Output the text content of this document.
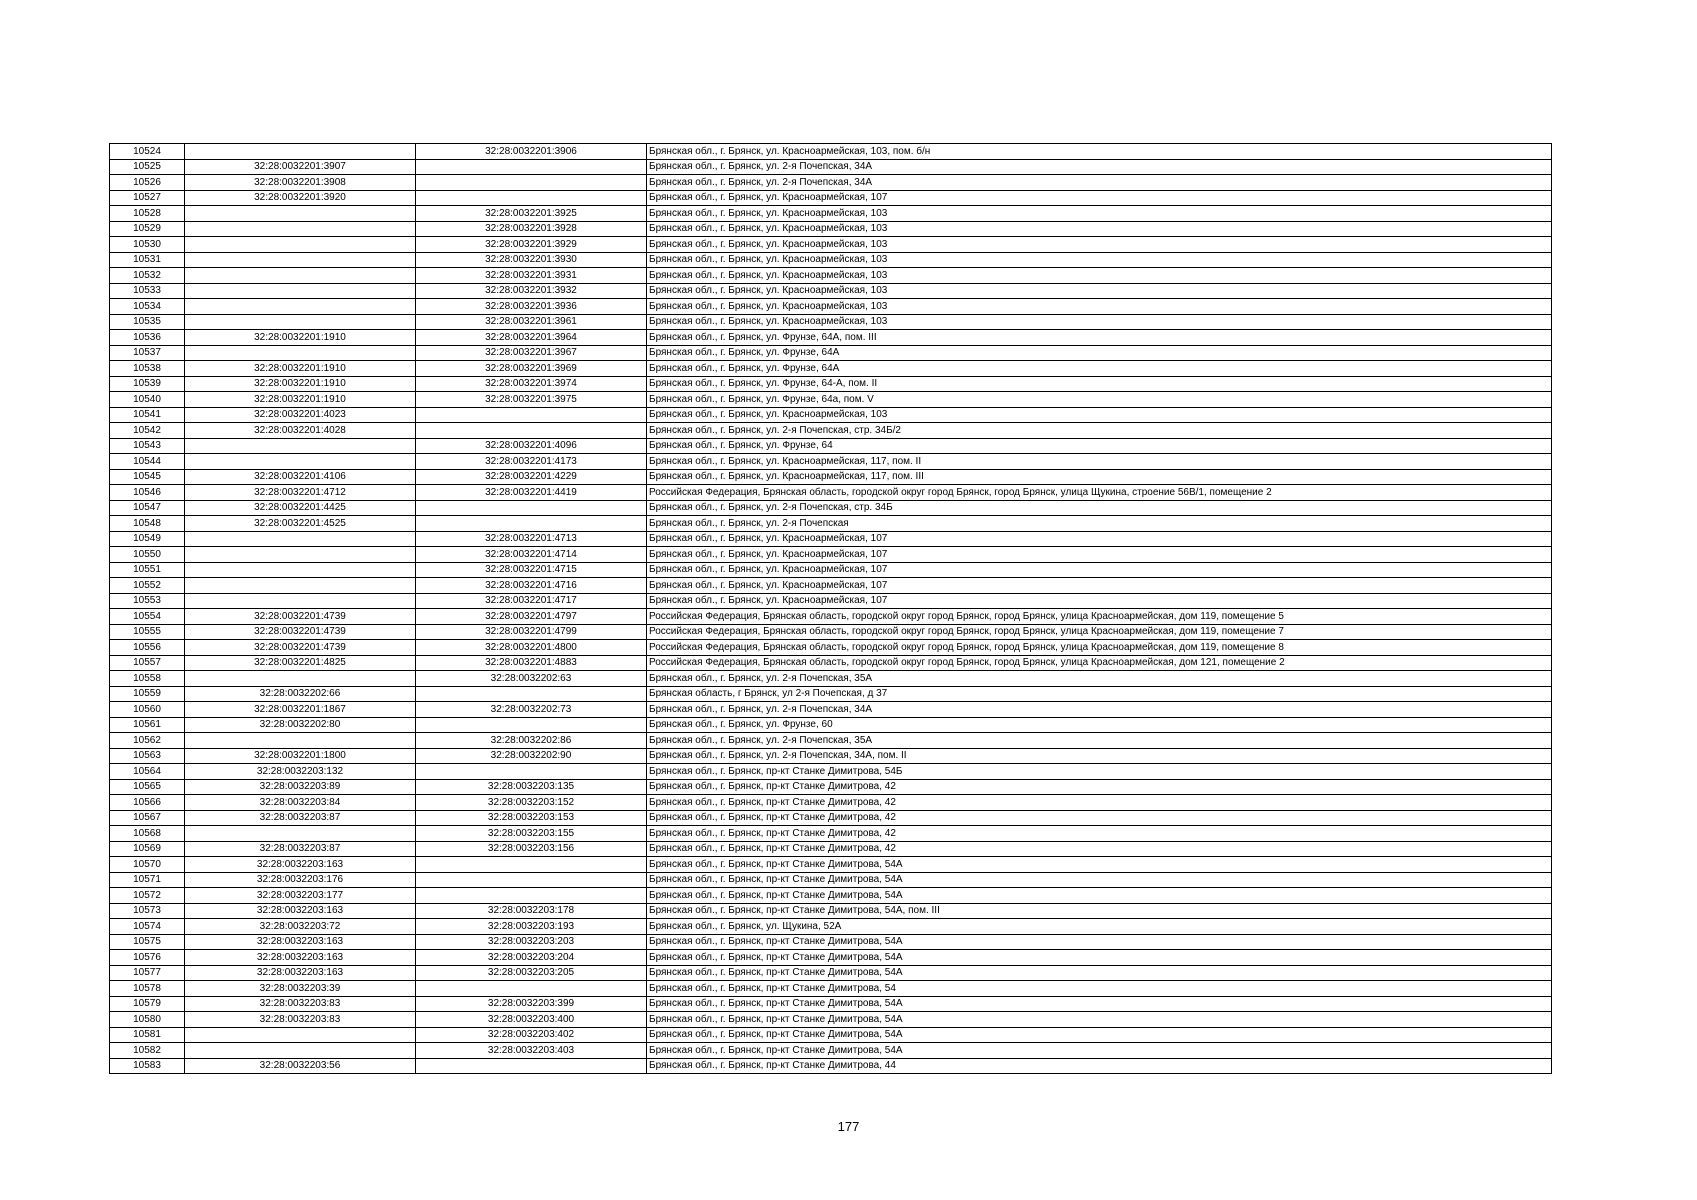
10524		32:28:0032201:3906	Брянская обл., г. Брянск, ул. Красноармейская, 103, пом. б/н
10525	32:28:0032201:3907		Брянская обл., г. Брянск, ул. 2-я Почепская, 34А
10526	32:28:0032201:3908		Брянская обл., г. Брянск, ул. 2-я Почепская, 34А
10527	32:28:0032201:3920		Брянская обл., г. Брянск, ул. Красноармейская, 107
10528		32:28:0032201:3925	Брянская обл., г. Брянск, ул. Красноармейская, 103
10529		32:28:0032201:3928	Брянская обл., г. Брянск, ул. Красноармейская, 103
10530		32:28:0032201:3929	Брянская обл., г. Брянск, ул. Красноармейская, 103
10531		32:28:0032201:3930	Брянская обл., г. Брянск, ул. Красноармейская, 103
10532		32:28:0032201:3931	Брянская обл., г. Брянск, ул. Красноармейская, 103
10533		32:28:0032201:3932	Брянская обл., г. Брянск, ул. Красноармейская, 103
10534		32:28:0032201:3936	Брянская обл., г. Брянск, ул. Красноармейская, 103
10535		32:28:0032201:3961	Брянская обл., г. Брянск, ул. Красноармейская, 103
10536	32:28:0032201:1910	32:28:0032201:3964	Брянская обл., г. Брянск, ул. Фрунзе, 64А, пом. III
10537		32:28:0032201:3967	Брянская обл., г. Брянск, ул. Фрунзе, 64А
10538	32:28:0032201:1910	32:28:0032201:3969	Брянская обл., г. Брянск, ул. Фрунзе, 64А
10539	32:28:0032201:1910	32:28:0032201:3974	Брянская обл., г. Брянск, ул. Фрунзе, 64-А, пом. II
10540	32:28:0032201:1910	32:28:0032201:3975	Брянская обл., г. Брянск, ул. Фрунзе, 64а, пом. V
10541	32:28:0032201:4023		Брянская обл., г. Брянск, ул. Красноармейская, 103
10542	32:28:0032201:4028		Брянская обл., г. Брянск, ул. 2-я Почепская, стр. 34Б/2
10543		32:28:0032201:4096	Брянская обл., г. Брянск, ул. Фрунзе, 64
10544		32:28:0032201:4173	Брянская обл., г. Брянск, ул. Красноармейская, 117, пом. II
10545	32:28:0032201:4106	32:28:0032201:4229	Брянская обл., г. Брянск, ул. Красноармейская, 117, пом. III
10546	32:28:0032201:4712	32:28:0032201:4419	Российская Федерация, Брянская область, городской округ город Брянск, город Брянск, улица Щукина, строение 56В/1, помещение 2
10547	32:28:0032201:4425		Брянская обл., г. Брянск, ул. 2-я Почепская, стр. 34Б
10548	32:28:0032201:4525		Брянская обл., г. Брянск, ул. 2-я Почепская
10549		32:28:0032201:4713	Брянская обл., г. Брянск, ул. Красноармейская, 107
10550		32:28:0032201:4714	Брянская обл., г. Брянск, ул. Красноармейская, 107
10551		32:28:0032201:4715	Брянская обл., г. Брянск, ул. Красноармейская, 107
10552		32:28:0032201:4716	Брянская обл., г. Брянск, ул. Красноармейская, 107
10553		32:28:0032201:4717	Брянская обл., г. Брянск, ул. Красноармейская, 107
10554	32:28:0032201:4739	32:28:0032201:4797	Российская Федерация, Брянская область, городской округ город Брянск, город Брянск, улица Красноармейская, дом 119, помещение 5
10555	32:28:0032201:4739	32:28:0032201:4799	Российская Федерация, Брянская область, городской округ город Брянск, город Брянск, улица Красноармейская, дом 119, помещение 7
10556	32:28:0032201:4739	32:28:0032201:4800	Российская Федерация, Брянская область, городской округ город Брянск, город Брянск, улица Красноармейская, дом 119, помещение 8
10557	32:28:0032201:4825	32:28:0032201:4883	Российская Федерация, Брянская область, городской округ город Брянск, город Брянск, улица Красноармейская, дом 121, помещение 2
10558		32:28:0032202:63	Брянская обл., г. Брянск, ул. 2-я Почепская, 35А
10559	32:28:0032202:66		Брянская область, г Брянск, ул 2-я Почепская, д 37
10560	32:28:0032201:1867	32:28:0032202:73	Брянская обл., г. Брянск, ул. 2-я Почепская, 34А
10561	32:28:0032202:80		Брянская обл., г. Брянск, ул. Фрунзе, 60
10562		32:28:0032202:86	Брянская обл., г. Брянск, ул. 2-я Почепская, 35А
10563	32:28:0032201:1800	32:28:0032202:90	Брянская обл., г. Брянск, ул. 2-я Почепская, 34А, пом. II
10564	32:28:0032203:132		Брянская обл., г. Брянск, пр-кт Станке Димитрова, 54Б
10565	32:28:0032203:89	32:28:0032203:135	Брянская обл., г. Брянск, пр-кт Станке Димитрова, 42
10566	32:28:0032203:84	32:28:0032203:152	Брянская обл., г. Брянск, пр-кт Станке Димитрова, 42
10567	32:28:0032203:87	32:28:0032203:153	Брянская обл., г. Брянск, пр-кт Станке Димитрова, 42
10568		32:28:0032203:155	Брянская обл., г. Брянск, пр-кт Станке Димитрова, 42
10569	32:28:0032203:87	32:28:0032203:156	Брянская обл., г. Брянск, пр-кт Станке Димитрова, 42
10570	32:28:0032203:163		Брянская обл., г. Брянск, пр-кт Станке Димитрова, 54А
10571	32:28:0032203:176		Брянская обл., г. Брянск, пр-кт Станке Димитрова, 54А
10572	32:28:0032203:177		Брянская обл., г. Брянск, пр-кт Станке Димитрова, 54А
10573	32:28:0032203:163	32:28:0032203:178	Брянская обл., г. Брянск, пр-кт Станке Димитрова, 54А, пом. III
10574	32:28:0032203:72	32:28:0032203:193	Брянская обл., г. Брянск, ул. Щукина, 52А
10575	32:28:0032203:163	32:28:0032203:203	Брянская обл., г. Брянск, пр-кт Станке Димитрова, 54А
10576	32:28:0032203:163	32:28:0032203:204	Брянская обл., г. Брянск, пр-кт Станке Димитрова, 54А
10577	32:28:0032203:163	32:28:0032203:205	Брянская обл., г. Брянск, пр-кт Станке Димитрова, 54А
10578	32:28:0032203:39		Брянская обл., г. Брянск, пр-кт Станке Димитрова, 54
10579	32:28:0032203:83	32:28:0032203:399	Брянская обл., г. Брянск, пр-кт Станке Димитрова, 54А
10580	32:28:0032203:83	32:28:0032203:400	Брянская обл., г. Брянск, пр-кт Станке Димитрова, 54А
10581		32:28:0032203:402	Брянская обл., г. Брянск, пр-кт Станке Димитрова, 54А
10582		32:28:0032203:403	Брянская обл., г. Брянск, пр-кт Станке Димитрова, 54А
10583	32:28:0032203:56		Брянская обл., г. Брянск, пр-кт Станке Димитрова, 44
177
